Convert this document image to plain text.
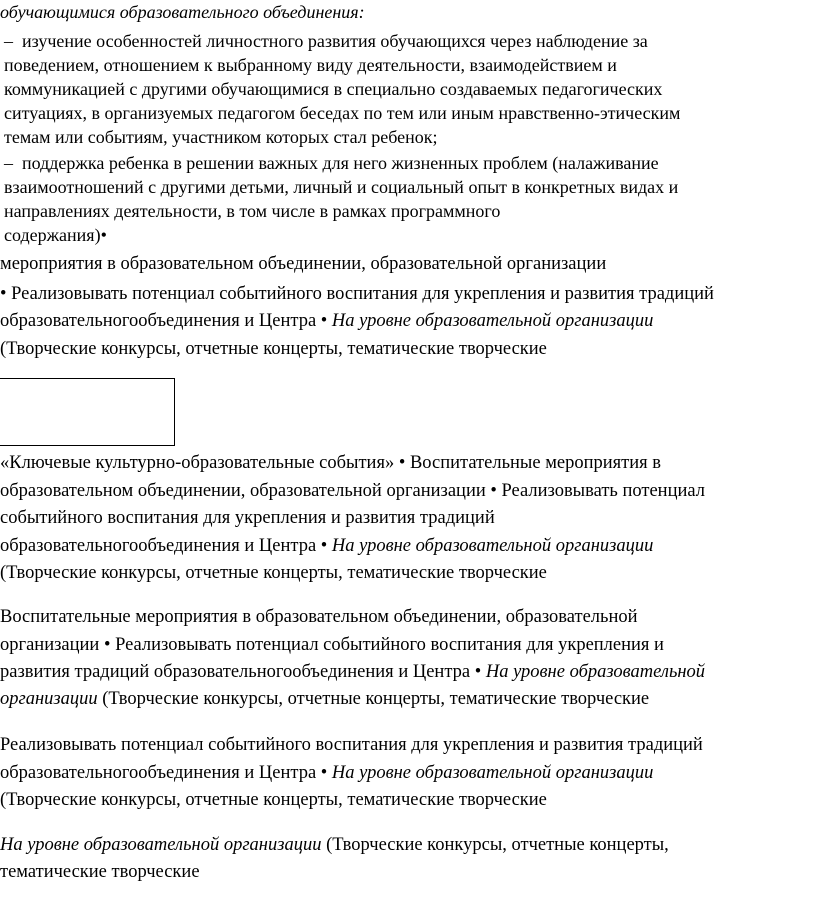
обучающимися образовательного объединения:
– изучение особенностей личностного развития обучающихся через наблюдение за
поведением, отношением к выбранному виду деятельности, взаимодействием и
коммуникацией с другими обучающимися в специально создаваемых педагогических
ситуациях, в организуемых педагогом беседах по тем или иным нравственно-этическим
темам или событиям, участником которых стал ребенок;
– поддержка ребенка в решении важных для него жизненных проблем (налаживание
взаимоотношений с другими детьми, личный и социальный опыт в конкретных видах и
направлениях деятельности, в том числе в рамках программного
содержания)•
мероприятия в образовательном объединении, образовательной организации
• Реализовывать потенциал событийного воспитания для укрепления и развития традиций
образовательногообъединения и Центра • На уровне образовательной организации
(Творческие конкурсы, отчетные концерты, тематические творческие
«Ключевые культурно-образовательные события» • Воспитательные мероприятия в
образовательном объединении, образовательной организации • Реализовывать потенциал
событийного воспитания для укрепления и развития традиций
образовательногообъединения и Центра • На уровне образовательной организации
(Творческие конкурсы, отчетные концерты, тематические творческие
Воспитательные мероприятия в образовательном объединении, образовательной
организации • Реализовывать потенциал событийного воспитания для укрепления и
развития традиций образовательногообъединения и Центра • На уровне образовательной
организации (Творческие конкурсы, отчетные концерты, тематические творческие
Реализовывать потенциал событийного воспитания для укрепления и развития традиций
образовательногообъединения и Центра • На уровне образовательной организации
(Творческие конкурсы, отчетные концерты, тематические творческие
На уровне образовательной организации (Творческие конкурсы, отчетные концерты,
тематические творческие
